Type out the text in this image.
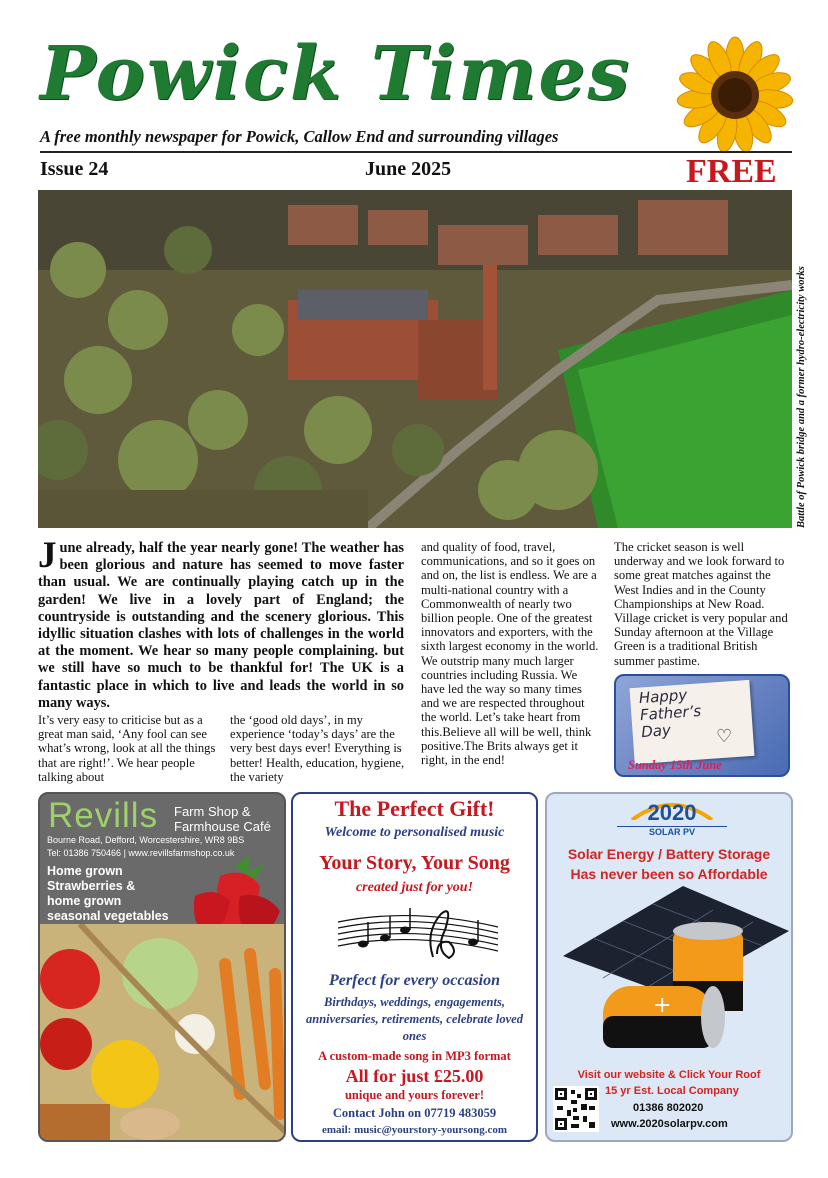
Powick Times
A free monthly newspaper for Powick, Callow End and surrounding villages
Issue 24	June 2025	FREE
Battle of Powick bridge and a former hydro-electricity works
June already, half the year nearly gone! The weather has been glorious and nature has seemed to move faster than usual. We are continually playing catch up in the garden! We live in a lovely part of England; the countryside is outstanding and the scenery glorious. This idyllic situation clashes with lots of challenges in the world at the moment. We hear so many people complaining. but we still have so much to be thankful for! The UK is a fantastic place in which to live and leads the world in so many ways.
It’s very easy to criticise but as a great man said, ‘Any fool can see what’s wrong, look at all the things that are right!’. We hear people talking about
the ‘good old days’, in my experience ‘today’s days’ are the very best days ever! Everything is better! Health, education, hygiene, the variety
and quality of food, travel, communications, and so it goes on and on, the list is endless. We are a multi-national country with a Commonwealth of nearly two billion people. One of the greatest innovators and exporters, with the sixth largest economy in the world. We outstrip many much larger countries including Russia. We have led the way so many times and we are respected throughout the world. Let’s take heart from this.Believe all will be well, think positive.The Brits always get it right, in the end!
The cricket season is well underway and we look forward to some great matches against the West Indies and in the County Championships at New Road. Village cricket is very popular and Sunday afternoon at the Village Green is a traditional British summer pastime.
Happy
Father’s
Day	♡
Sunday 15th June
Revills Farm Shop &
Farmhouse Café
Bourne Road, Defford, Worcestershire, WR8 9BS
Tel: 01386 750466 | www.revillsfarmshop.co.uk
Home grown
Strawberries &
home grown
seasonal vegetables
The Perfect Gift!
Welcome to personalised music
Your Story, Your Song
created just for you!
Perfect for every occasion
Birthdays, weddings, engagements, anniversaries, retirements, celebrate loved ones
A custom-made song in MP3 format
All for just £25.00
unique and yours forever!
Contact John on 07719 483059
email: music@yourstory-yoursong.com
2020
SOLAR PV
Solar Energy / Battery Storage
Has never been so Affordable
+
Visit our website & Click Your Roof
15 yr Est. Local Company
01386 802020
www.2020solarpv.com
